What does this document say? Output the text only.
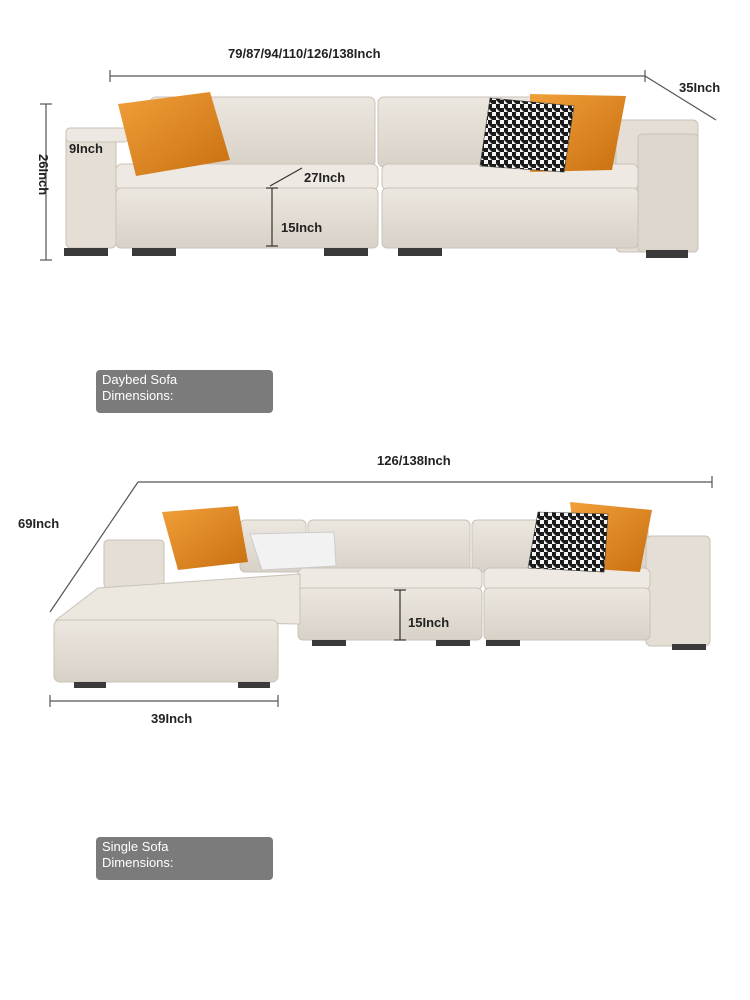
79/87/94/110/126/138Inch
35Inch
26Inch
9Inch
27Inch
15Inch
Daybed Sofa
Dimensions:
126/138Inch
69Inch
39Inch
15Inch
Single Sofa
Dimensions:
